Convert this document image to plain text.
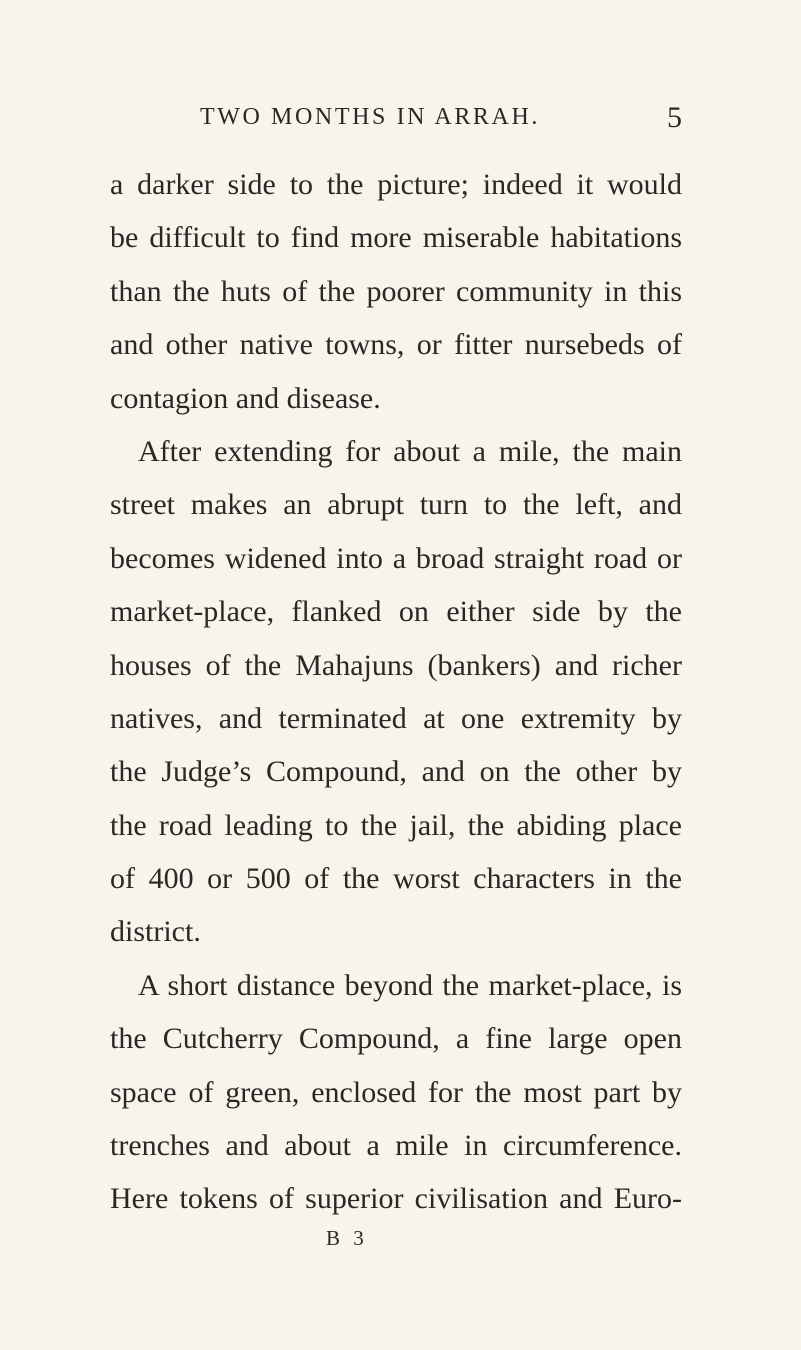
TWO MONTHS IN ARRAH.	5
a darker side to the picture; indeed it would
be difficult to find more miserable habitations
than the huts of the poorer community in this
and other native towns, or fitter nursebeds of
contagion and disease.
After extending for about a mile, the main
street makes an abrupt turn to the left, and
becomes widened into a broad straight road or
market-place, flanked on either side by the
houses of the Mahajuns (bankers) and richer
natives, and terminated at one extremity by
the Judge’s Compound, and on the other by
the road leading to the jail, the abiding place
of 400 or 500 of the worst characters in the
district.
A short distance beyond the market-place, is
the Cutcherry Compound, a fine large open
space of green, enclosed for the most part by
trenches and about a mile in circumference.
Here tokens of superior civilisation and Euro-
B 3
